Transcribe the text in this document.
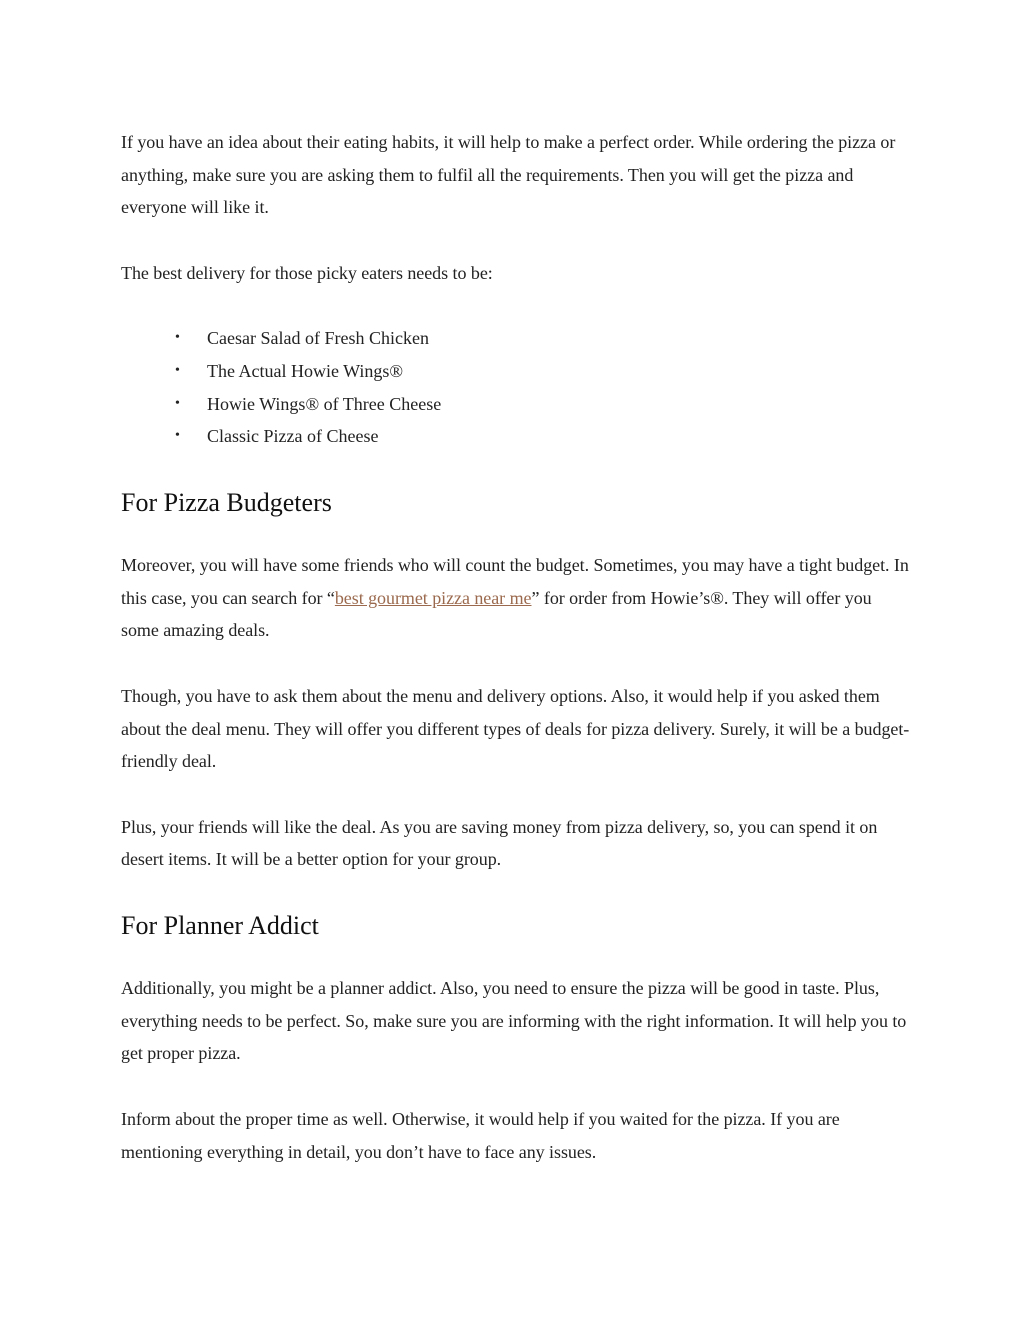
If you have an idea about their eating habits, it will help to make a perfect order. While ordering the pizza or anything, make sure you are asking them to fulfil all the requirements. Then you will get the pizza and everyone will like it.

The best delivery for those picky eaters needs to be:

• Caesar Salad of Fresh Chicken
• The Actual Howie Wings®
• Howie Wings® of Three Cheese
• Classic Pizza of Cheese
For Pizza Budgeters

Moreover, you will have some friends who will count the budget. Sometimes, you may have a tight budget. In this case, you can search for “best gourmet pizza near me” for order from Howie’s®. They will offer you some amazing deals.

Though, you have to ask them about the menu and delivery options. Also, it would help if you asked them about the deal menu. They will offer you different types of deals for pizza delivery. Surely, it will be a budget-friendly deal.

Plus, your friends will like the deal. As you are saving money from pizza delivery, so, you can spend it on desert items. It will be a better option for your group.

For Planner Addict

Additionally, you might be a planner addict. Also, you need to ensure the pizza will be good in taste. Plus, everything needs to be perfect. So, make sure you are informing with the right information. It will help you to get proper pizza.

Inform about the proper time as well. Otherwise, it would help if you waited for the pizza. If you are mentioning everything in detail, you don’t have to face any issues.
